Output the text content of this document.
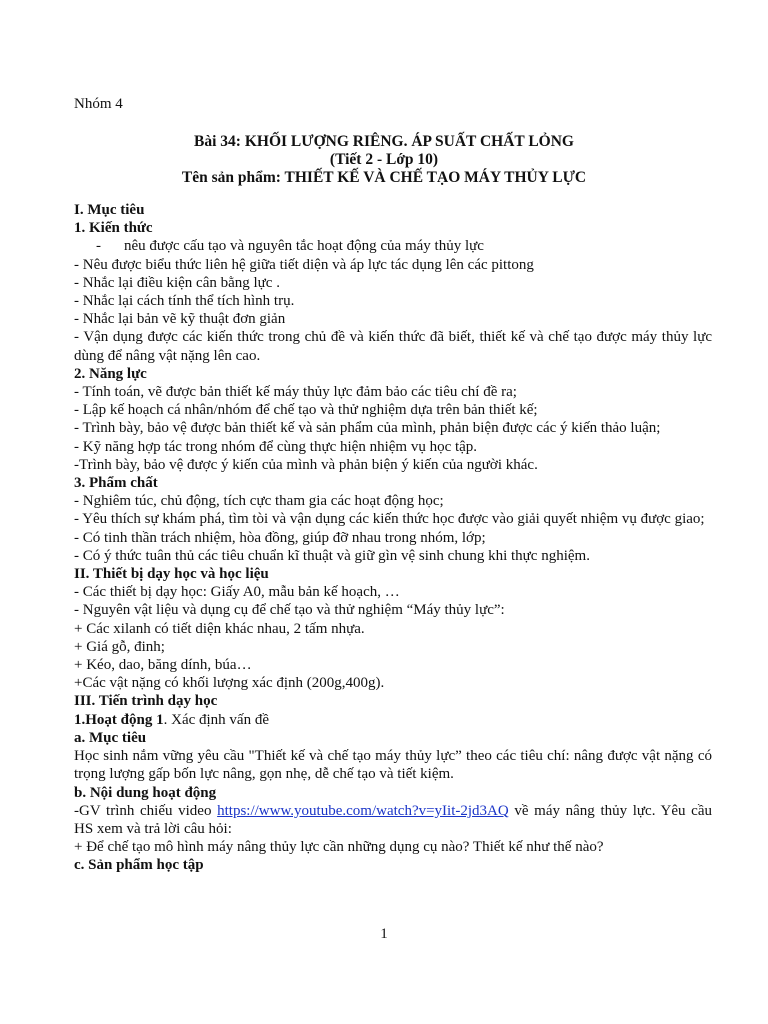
Nhóm 4
Bài 34: KHỐI LƯỢNG RIÊNG. ÁP SUẤT CHẤT LỎNG
(Tiết 2 - Lớp 10)
Tên sản phẩm: THIẾT KẾ VÀ CHẾ TẠO MÁY THỦY LỰC
I. Mục tiêu
1. Kiến thức
- nêu được cấu tạo và nguyên tắc hoạt động của máy thủy lực
- Nêu được biểu thức liên hệ giữa tiết diện và áp lực tác dụng lên các pittong
- Nhắc lại điều kiện cân bằng lực .
- Nhắc lại cách tính thể tích hình trụ.
- Nhắc lại bản vẽ kỹ thuật đơn giản
- Vận dụng được các kiến thức trong chủ đề và kiến thức đã biết, thiết kế và chế tạo được máy thủy lực dùng để nâng vật nặng lên cao.
2. Năng lực
- Tính toán, vẽ được bản thiết kế máy thủy lực đảm bảo các tiêu chí đề ra;
- Lập kế hoạch cá nhân/nhóm để chế tạo và thử nghiệm dựa trên bản thiết kế;
- Trình bày, bảo vệ được bản thiết kế và sản phẩm của mình, phản biện được các ý kiến thảo luận;
- Kỹ năng hợp tác trong nhóm để cùng thực hiện nhiệm vụ học tập.
-Trình bày, bảo vệ được ý kiến của mình và phản biện ý kiến của người khác.
3. Phẩm chất
- Nghiêm túc, chủ động, tích cực tham gia các hoạt động học;
- Yêu thích sự khám phá, tìm tòi và vận dụng các kiến thức học được vào giải quyết nhiệm vụ được giao;
- Có tinh thần trách nhiệm, hòa đồng, giúp đỡ nhau trong nhóm, lớp;
- Có ý thức tuân thủ các tiêu chuẩn kĩ thuật và giữ gìn vệ sinh chung khi thực nghiệm.
II. Thiết bị dạy học và học liệu
- Các thiết bị dạy học: Giấy A0, mẫu bản kế hoạch, …
- Nguyên vật liệu và dụng cụ để chế tạo và thử nghiệm “Máy thủy lực”:
+ Các xilanh có tiết diện khác nhau, 2 tấm nhựa.
+ Giá gỗ, đinh;
+ Kéo, dao, băng dính, búa…
+Các vật nặng có khối lượng xác định (200g,400g).
III. Tiến trình dạy học
1.Hoạt động 1. Xác định vấn đề
a. Mục tiêu
Học sinh nắm vững yêu cầu "Thiết kế và chế tạo máy thủy lực” theo các tiêu chí: nâng được vật nặng có trọng lượng gấp bốn lực nâng, gọn nhẹ, dễ chế tạo và tiết kiệm.
b. Nội dung hoạt động
-GV trình chiếu video https://www.youtube.com/watch?v=yIit-2jd3AQ về máy nâng thủy lực. Yêu cầu HS xem và trả lời câu hỏi:
+ Để chế tạo mô hình máy nâng thủy lực cần những dụng cụ nào? Thiết kế như thế nào?
c. Sản phẩm học tập
1
